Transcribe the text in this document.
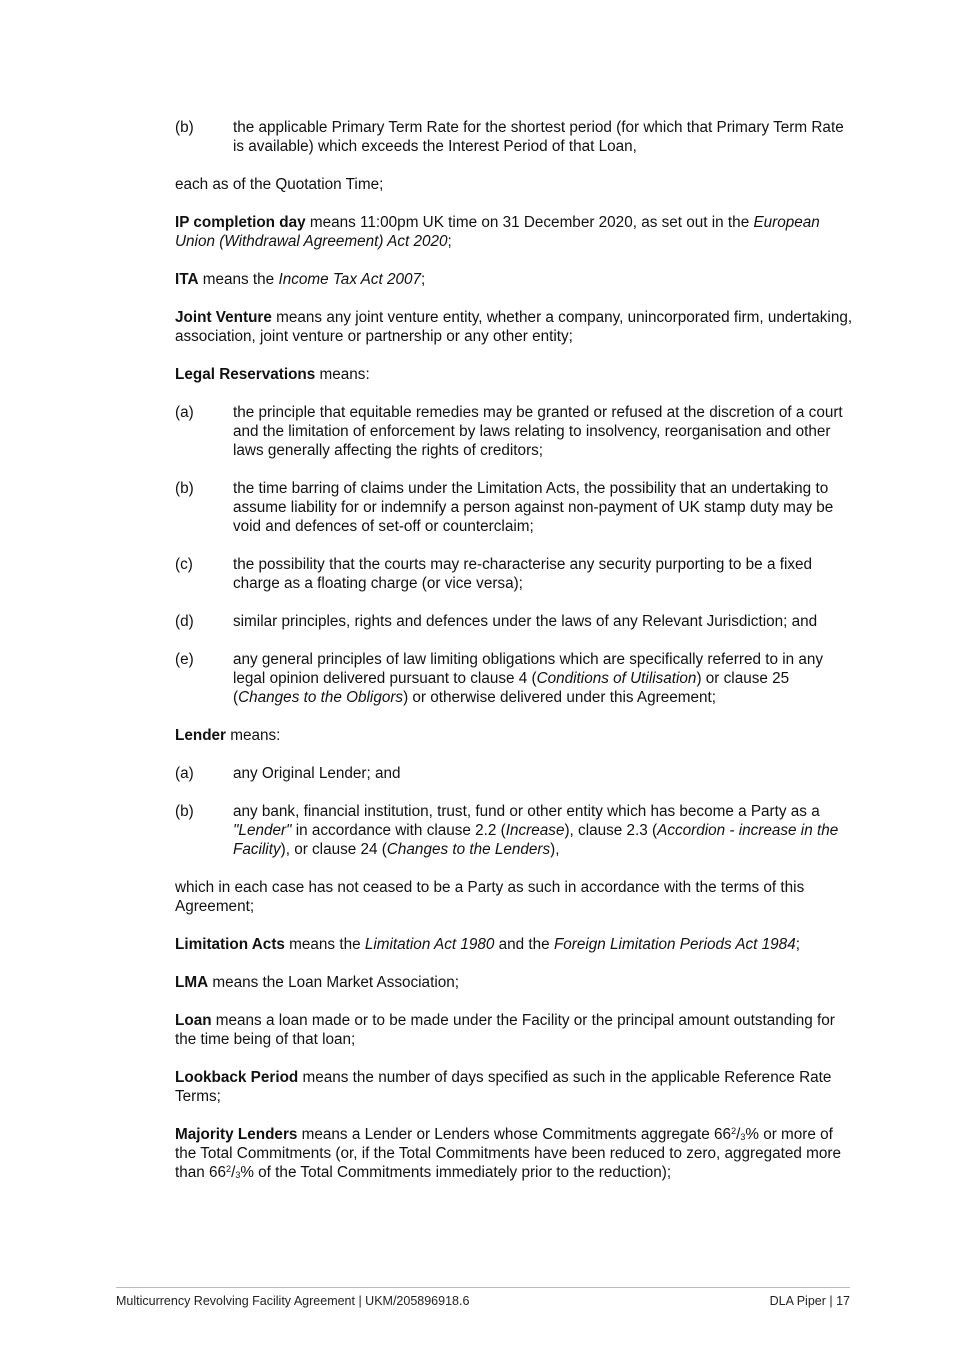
(b)	the applicable Primary Term Rate for the shortest period (for which that Primary Term Rate is available) which exceeds the Interest Period of that Loan,

each as of the Quotation Time;

IP completion day means 11:00pm UK time on 31 December 2020, as set out in the European Union (Withdrawal Agreement) Act 2020;

ITA means the Income Tax Act 2007;

Joint Venture means any joint venture entity, whether a company, unincorporated firm, undertaking, association, joint venture or partnership or any other entity;

Legal Reservations means:

(a)	the principle that equitable remedies may be granted or refused at the discretion of a court and the limitation of enforcement by laws relating to insolvency, reorganisation and other laws generally affecting the rights of creditors;
(b)	the time barring of claims under the Limitation Acts, the possibility that an undertaking to assume liability for or indemnify a person against non-payment of UK stamp duty may be void and defences of set-off or counterclaim;
(c)	the possibility that the courts may re-characterise any security purporting to be a fixed charge as a floating charge (or vice versa);
(d)	similar principles, rights and defences under the laws of any Relevant Jurisdiction; and
(e)	any general principles of law limiting obligations which are specifically referred to in any legal opinion delivered pursuant to clause 4 (Conditions of Utilisation) or clause 25 (Changes to the Obligors) or otherwise delivered under this Agreement;

Lender means:

(a)	any Original Lender; and
(b)	any bank, financial institution, trust, fund or other entity which has become a Party as a "Lender" in accordance with clause 2.2 (Increase), clause 2.3 (Accordion - increase in the Facility), or clause 24 (Changes to the Lenders),

which in each case has not ceased to be a Party as such in accordance with the terms of this Agreement;

Limitation Acts means the Limitation Act 1980 and the Foreign Limitation Periods Act 1984;

LMA means the Loan Market Association;

Loan means a loan made or to be made under the Facility or the principal amount outstanding for the time being of that loan;

Lookback Period means the number of days specified as such in the applicable Reference Rate Terms;

Majority Lenders means a Lender or Lenders whose Commitments aggregate $66^2/_3\%$ or more of the Total Commitments (or, if the Total Commitments have been reduced to zero, aggregated more than $66^2/_3\%$ of the Total Commitments immediately prior to the reduction);

Multicurrency Revolving Facility Agreement | UKM/205896918.6	DLA Piper | 17
